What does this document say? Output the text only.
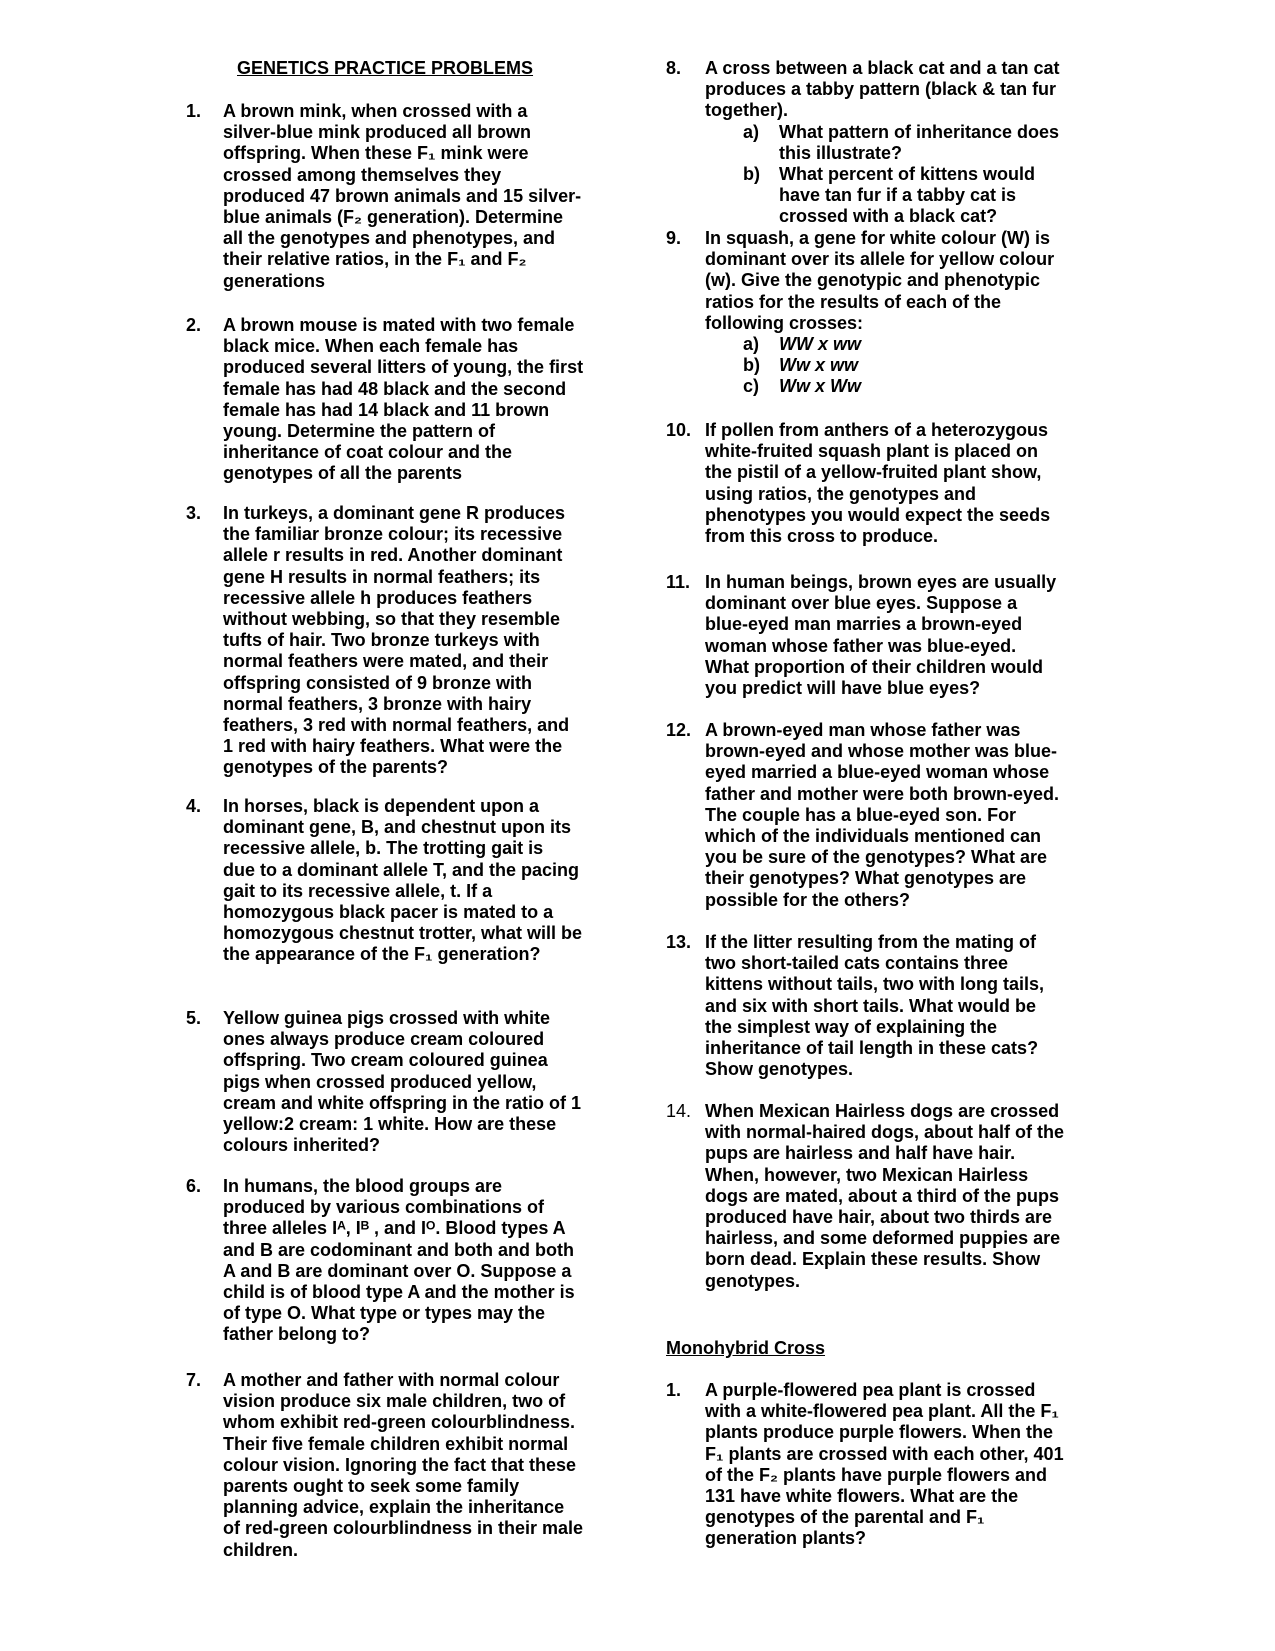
GENETICS PRACTICE PROBLEMS
1. A brown mink, when crossed with a
silver-blue mink produced all brown
offspring. When these F₁ mink were
crossed among themselves they
produced 47 brown animals and 15 silver-
blue animals (F₂ generation). Determine
all the genotypes and phenotypes, and
their relative ratios, in the F₁ and F₂
generations
2. A brown mouse is mated with two female
black mice. When each female has
produced several litters of young, the first
female has had 48 black and the second
female has had 14 black and 11 brown
young. Determine the pattern of
inheritance of coat colour and the
genotypes of all the parents
3. In turkeys, a dominant gene R produces
the familiar bronze colour; its recessive
allele r results in red. Another dominant
gene H results in normal feathers; its
recessive allele h produces feathers
without webbing, so that they resemble
tufts of hair. Two bronze turkeys with
normal feathers were mated, and their
offspring consisted of 9 bronze with
normal feathers, 3 bronze with hairy
feathers, 3 red with normal feathers, and
1 red with hairy feathers. What were the
genotypes of the parents?
4. In horses, black is dependent upon a
dominant gene, B, and chestnut upon its
recessive allele, b. The trotting gait is
due to a dominant allele T, and the pacing
gait to its recessive allele, t. If a
homozygous black pacer is mated to a
homozygous chestnut trotter, what will be
the appearance of the F₁ generation?
5. Yellow guinea pigs crossed with white
ones always produce cream coloured
offspring. Two cream coloured guinea
pigs when crossed produced yellow,
cream and white offspring in the ratio of 1
yellow:2 cream: 1 white. How are these
colours inherited?
6. In humans, the blood groups are
produced by various combinations of
three alleles Iᴬ, Iᴮ , and Iᴼ. Blood types A
and B are codominant and both and both
A and B are dominant over O. Suppose a
child is of blood type A and the mother is
of type O. What type or types may the
father belong to?
7. A mother and father with normal colour
vision produce six male children, two of
whom exhibit red-green colourblindness.
Their five female children exhibit normal
colour vision. Ignoring the fact that these
parents ought to seek some family
planning advice, explain the inheritance
of red-green colourblindness in their male
children.
8. A cross between a black cat and a tan cat
produces a tabby pattern (black & tan fur
together).
a) What pattern of inheritance does
this illustrate?
b) What percent of kittens would
have tan fur if a tabby cat is
crossed with a black cat?
9. In squash, a gene for white colour (W) is
dominant over its allele for yellow colour
(w). Give the genotypic and phenotypic
ratios for the results of each of the
following crosses:
a) WW x ww
b) Ww x ww
c) Ww x Ww
10. If pollen from anthers of a heterozygous
white-fruited squash plant is placed on
the pistil of a yellow-fruited plant show,
using ratios, the genotypes and
phenotypes you would expect the seeds
from this cross to produce.
11. In human beings, brown eyes are usually
dominant over blue eyes. Suppose a
blue-eyed man marries a brown-eyed
woman whose father was blue-eyed.
What proportion of their children would
you predict will have blue eyes?
12. A brown-eyed man whose father was
brown-eyed and whose mother was blue-
eyed married a blue-eyed woman whose
father and mother were both brown-eyed.
The couple has a blue-eyed son. For
which of the individuals mentioned can
you be sure of the genotypes? What are
their genotypes? What genotypes are
possible for the others?
13. If the litter resulting from the mating of
two short-tailed cats contains three
kittens without tails, two with long tails,
and six with short tails. What would be
the simplest way of explaining the
inheritance of tail length in these cats?
Show genotypes.
14. When Mexican Hairless dogs are crossed
with normal-haired dogs, about half of the
pups are hairless and half have hair.
When, however, two Mexican Hairless
dogs are mated, about a third of the pups
produced have hair, about two thirds are
hairless, and some deformed puppies are
born dead. Explain these results. Show
genotypes.
Monohybrid Cross
1. A purple-flowered pea plant is crossed
with a white-flowered pea plant. All the F₁
plants produce purple flowers. When the
F₁ plants are crossed with each other, 401
of the F₂ plants have purple flowers and
131 have white flowers. What are the
genotypes of the parental and F₁
generation plants?
